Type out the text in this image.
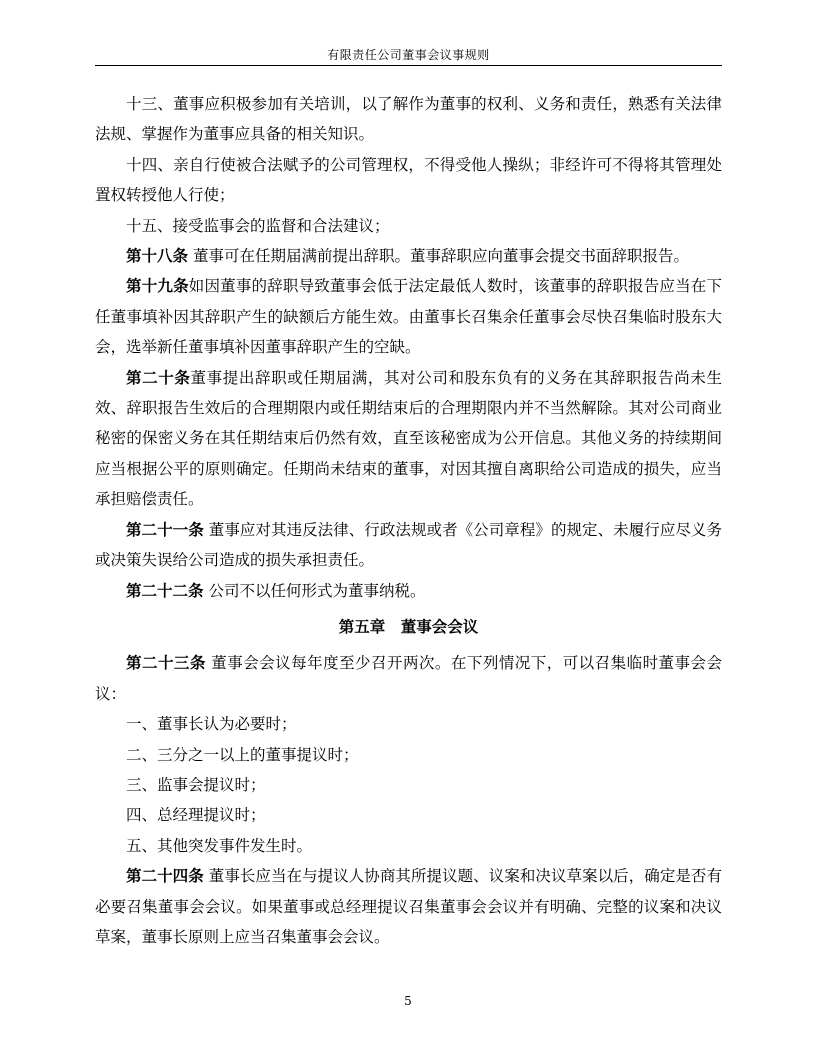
有限责任公司董事会议事规则

十三、董事应积极参加有关培训，以了解作为董事的权利、义务和责任，熟悉有关法律法规、掌握作为董事应具备的相关知识。

十四、亲自行使被合法赋予的公司管理权，不得受他人操纵；非经许可不得将其管理处置权转授他人行使；

十五、接受监事会的监督和合法建议；

第十八条 董事可在任期届满前提出辞职。董事辞职应向董事会提交书面辞职报告。

第十九条如因董事的辞职导致董事会低于法定最低人数时，该董事的辞职报告应当在下任董事填补因其辞职产生的缺额后方能生效。由董事长召集余任董事会尽快召集临时股东大会，选举新任董事填补因董事辞职产生的空缺。

第二十条董事提出辞职或任期届满，其对公司和股东负有的义务在其辞职报告尚未生效、辞职报告生效后的合理期限内或任期结束后的合理期限内并不当然解除。其对公司商业秘密的保密义务在其任期结束后仍然有效，直至该秘密成为公开信息。其他义务的持续期间应当根据公平的原则确定。任期尚未结束的董事，对因其擅自离职给公司造成的损失，应当承担赔偿责任。

第二十一条 董事应对其违反法律、行政法规或者《公司章程》的规定、未履行应尽义务或决策失误给公司造成的损失承担责任。

第二十二条 公司不以任何形式为董事纳税。

第五章　董事会会议

第二十三条 董事会会议每年度至少召开两次。在下列情况下，可以召集临时董事会会议：

一、董事长认为必要时；

二、三分之一以上的董事提议时；

三、监事会提议时；

四、总经理提议时；

五、其他突发事件发生时。

第二十四条 董事长应当在与提议人协商其所提议题、议案和决议草案以后，确定是否有必要召集董事会会议。如果董事或总经理提议召集董事会会议并有明确、完整的议案和决议草案，董事长原则上应当召集董事会会议。

5
